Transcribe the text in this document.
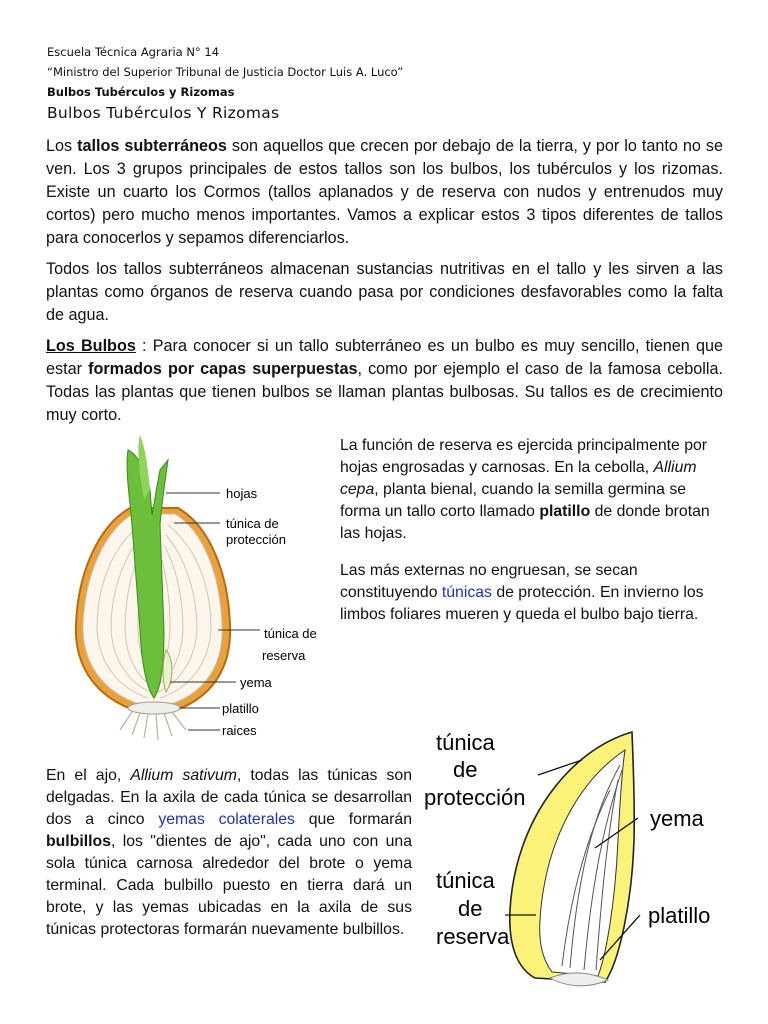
Escuela Técnica Agraria N° 14
“Ministro del Superior Tribunal de Justicia Doctor Luis A. Luco”
Bulbos Tubérculos y Rizomas
Bulbos Tubérculos Y Rizomas
Los tallos subterráneos son aquellos que crecen por debajo de la tierra, y por lo tanto no se ven. Los 3 grupos principales de estos tallos son los bulbos, los tubérculos y los rizomas. Existe un cuarto los Cormos (tallos aplanados y de reserva con nudos y entrenudos muy cortos) pero mucho menos importantes. Vamos a explicar estos 3 tipos diferentes de tallos para conocerlos y sepamos diferenciarlos.
Todos los tallos subterráneos almacenan sustancias nutritivas en el tallo y les sirven a las plantas como órganos de reserva cuando pasa por condiciones desfavorables como la falta de agua.
Los Bulbos : Para conocer si un tallo subterráneo es un bulbo es muy sencillo, tienen que estar formados por capas superpuestas, como por ejemplo el caso de la famosa cebolla. Todas las plantas que tienen bulbos se llaman plantas bulbosas. Su tallos es de crecimiento muy corto.
hojas
túnica de
protección
túnica de
reserva
yema
platillo
raices
La función de reserva es ejercida principalmente por hojas engrosadas y carnosas. En la cebolla, Allium cepa, planta bienal, cuando la semilla germina se forma un tallo corto llamado platillo de donde brotan las hojas.
Las más externas no engruesan, se secan constituyendo túnicas de protección. En invierno los limbos foliares mueren y queda el bulbo bajo tierra.
En el ajo, Allium sativum, todas las túnicas son delgadas. En la axila de cada túnica se desarrollan dos a cinco yemas colaterales que formarán bulbillos, los "dientes de ajo", cada uno con una sola túnica carnosa alrededor del brote o yema terminal. Cada bulbillo puesto en tierra dará un brote, y las yemas ubicadas en la axila de sus túnicas protectoras formarán nuevamente bulbillos.
túnica
de
protección
yema
túnica
de
reserva
platillo
